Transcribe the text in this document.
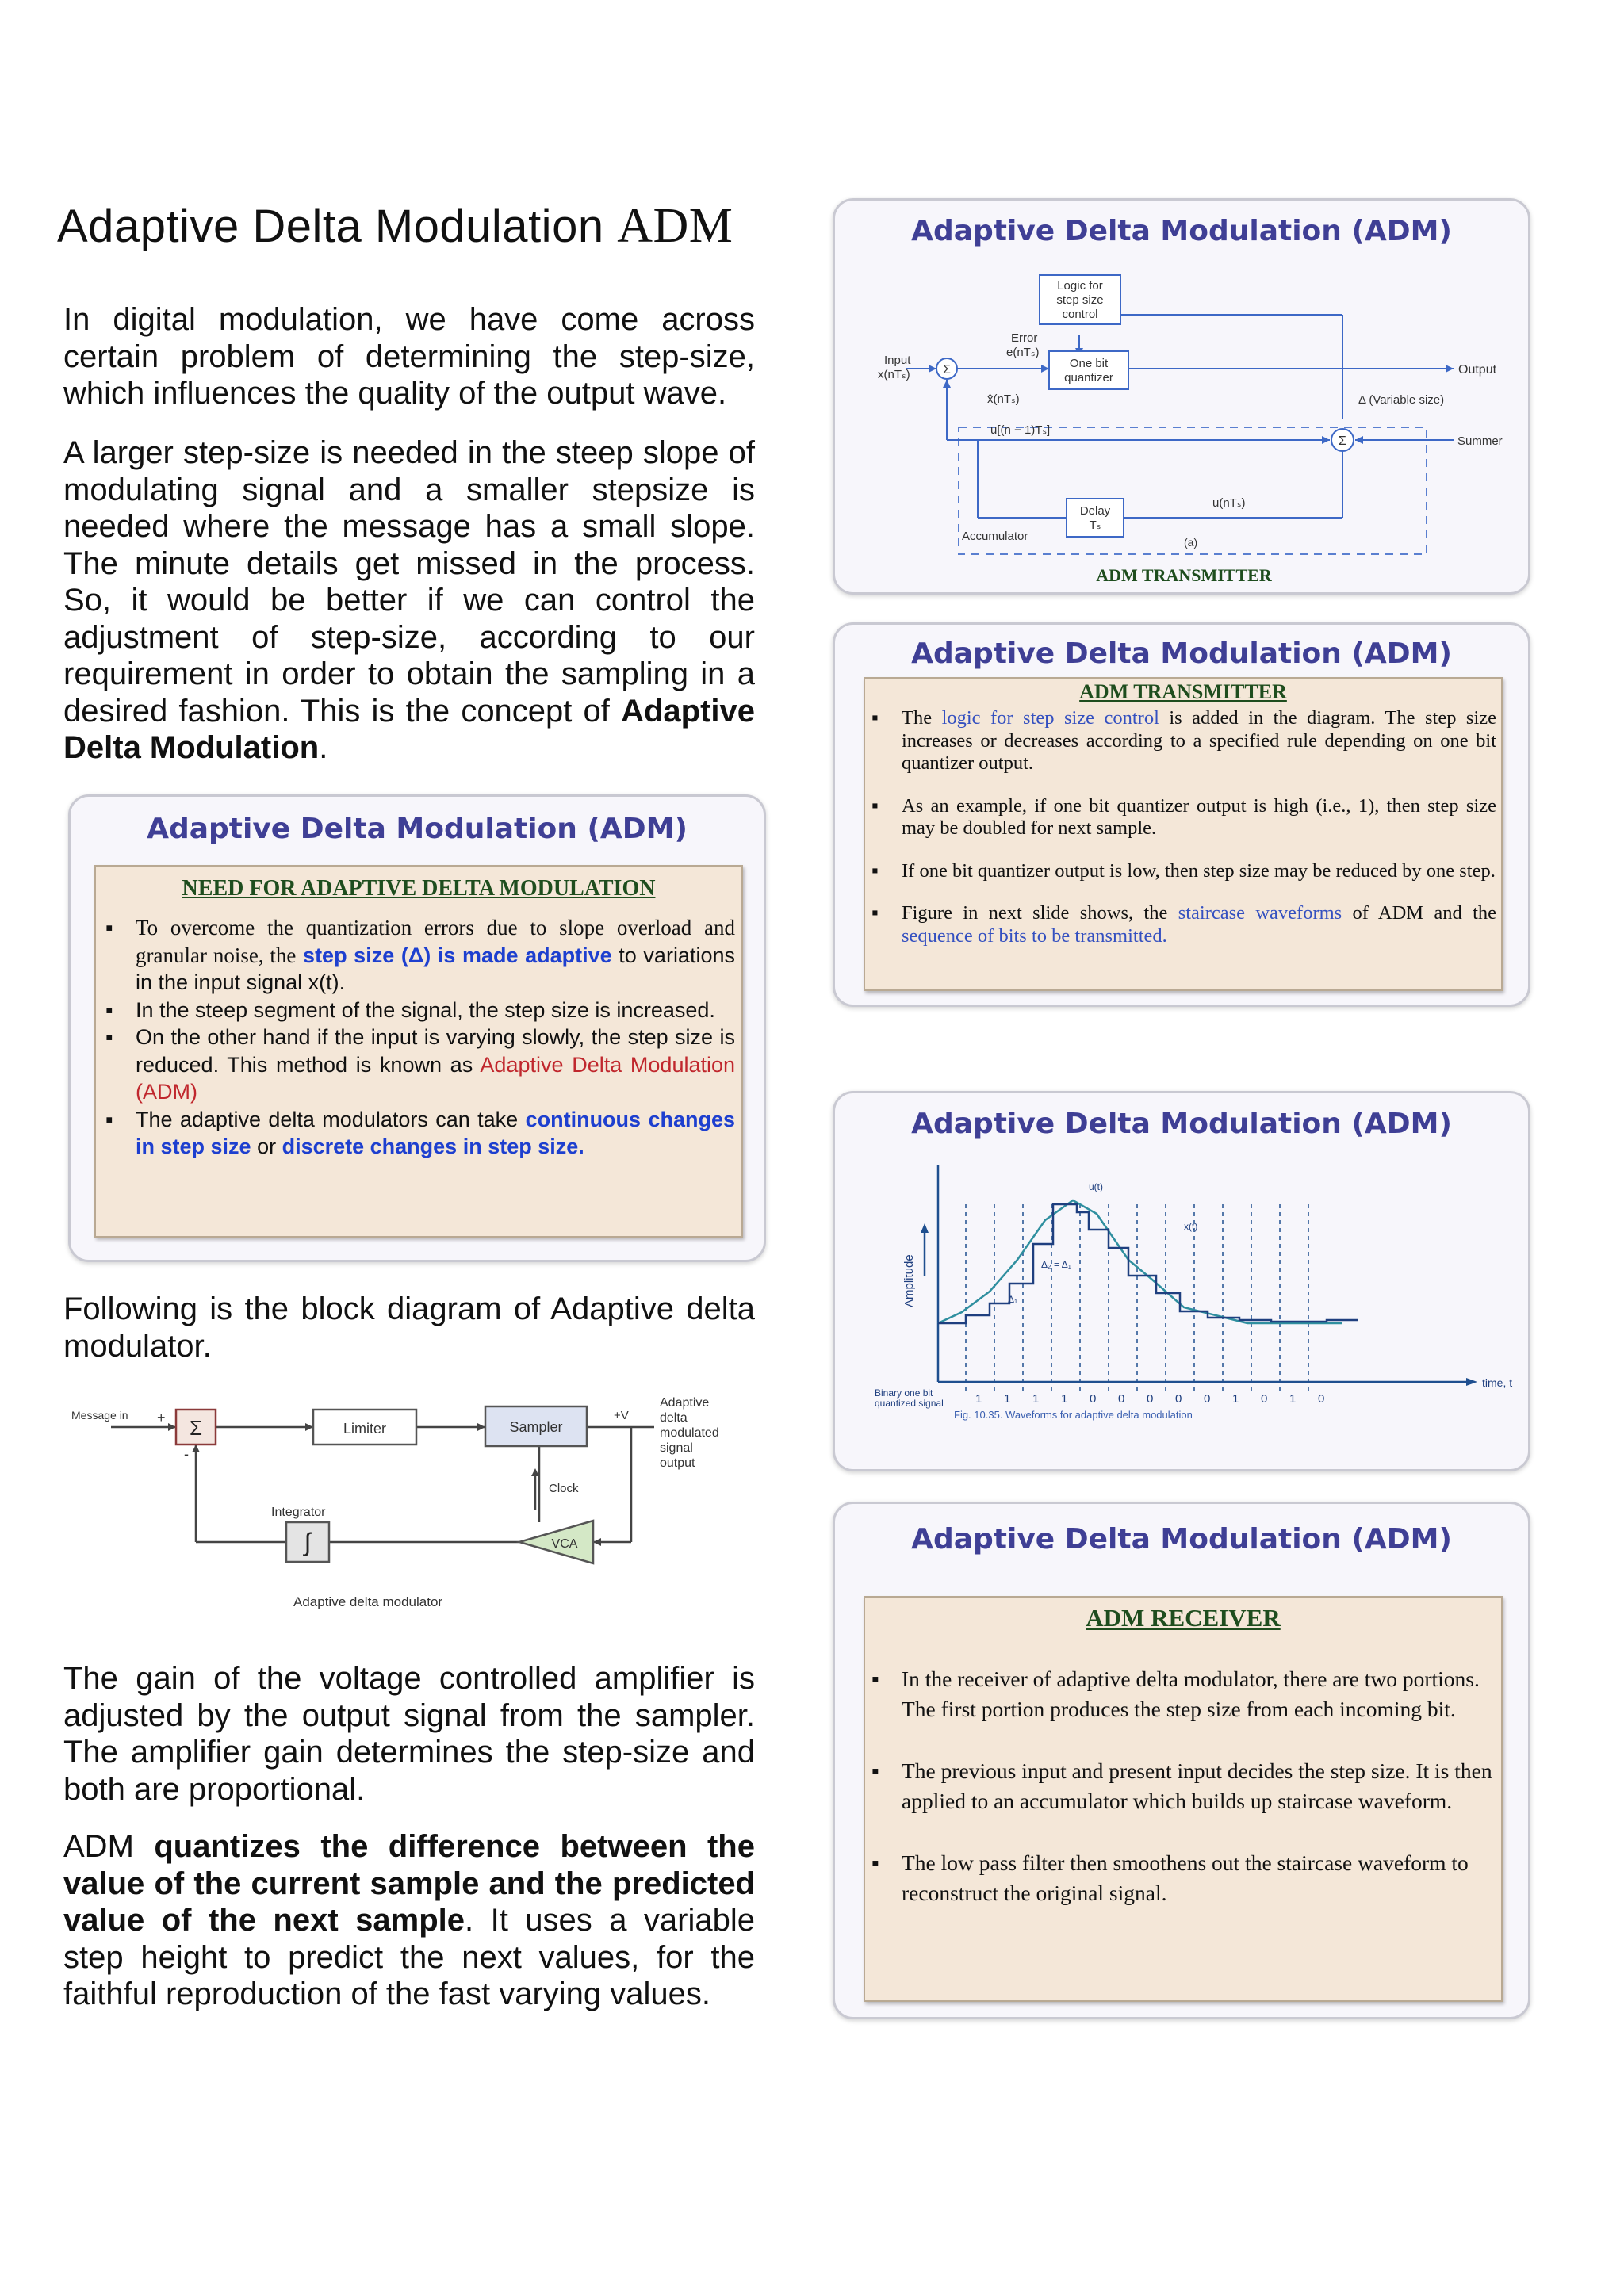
Adaptive Delta Modulation ADM
In digital modulation, we have come across certain problem of determining the step-size, which influences the quality of the output wave.
A larger step-size is needed in the steep slope of modulating signal and a smaller stepsize is needed where the message has a small slope. The minute details get missed in the process. So, it would be better if we can control the adjustment of step-size, according to our requirement in order to obtain the sampling in a desired fashion. This is the concept of Adaptive Delta Modulation.
Adaptive Delta Modulation (ADM)
NEED FOR ADAPTIVE DELTA MODULATION
▪ To overcome the quantization errors due to slope overload and granular noise, the step size (Δ) is made adaptive to variations in the input signal x(t).
▪ In the steep segment of the signal, the step size is increased.
▪ On the other hand if the input is varying slowly, the step size is reduced. This method is known as Adaptive Delta Modulation (ADM)
▪ The adaptive delta modulators can take continuous changes in step size or discrete changes in step size.
Following is the block diagram of Adaptive delta modulator.
Σ	Limiter	Sampler
∫	VCA
Message in +
-
+V
Adaptive
delta
modulated
signal
output
Clock
Integrator
Adaptive delta modulator
The gain of the voltage controlled amplifier is adjusted by the output signal from the sampler. The amplifier gain determines the step-size and both are proportional.
ADM quantizes the difference between the value of the current sample and the predicted value of the next sample. It uses a variable step height to predict the next values, for the faithful reproduction of the fast varying values.
Adaptive Delta Modulation (ADM)
Σ
Σ
Logic for
step size
control
One bit
quantizer
Delay
Tₛ
Error
e(nTₛ)
Input
x(nTₛ)	Output
x̂(nTₛ)	Δ (Variable size)
u[(n − 1)Tₛ]
Summer
u(nTₛ)
Accumulator	(a)
ADM TRANSMITTER
Adaptive Delta Modulation (ADM)
ADM TRANSMITTER
▪ The logic for step size control is added in the diagram. The step size increases or decreases according to a specified rule depending on one bit quantizer output.
▪ As an example, if one bit quantizer output is high (i.e., 1), then step size may be doubled for next sample.
▪ If one bit quantizer output is low, then step size may be reduced by one step.
▪ Figure in next slide shows, the staircase waveforms of ADM and the sequence of bits to be transmitted.
Adaptive Delta Modulation (ADM)
Amplitude
time, t
u(t)
x(t)
Δ₂ = Δ₁
Δ₁
Binary one bit
quantized signal	1 1 1 1 0 0 0 0 0 1 0 1 0
Fig. 10.35. Waveforms for adaptive delta modulation
Adaptive Delta Modulation (ADM)
ADM RECEIVER
▪ In the receiver of adaptive delta modulator, there are two portions. The first portion produces the step size from each incoming bit.
▪ The previous input and present input decides the step size. It is then applied to an accumulator which builds up staircase waveform.
▪ The low pass filter then smoothens out the staircase waveform to reconstruct the original signal.
